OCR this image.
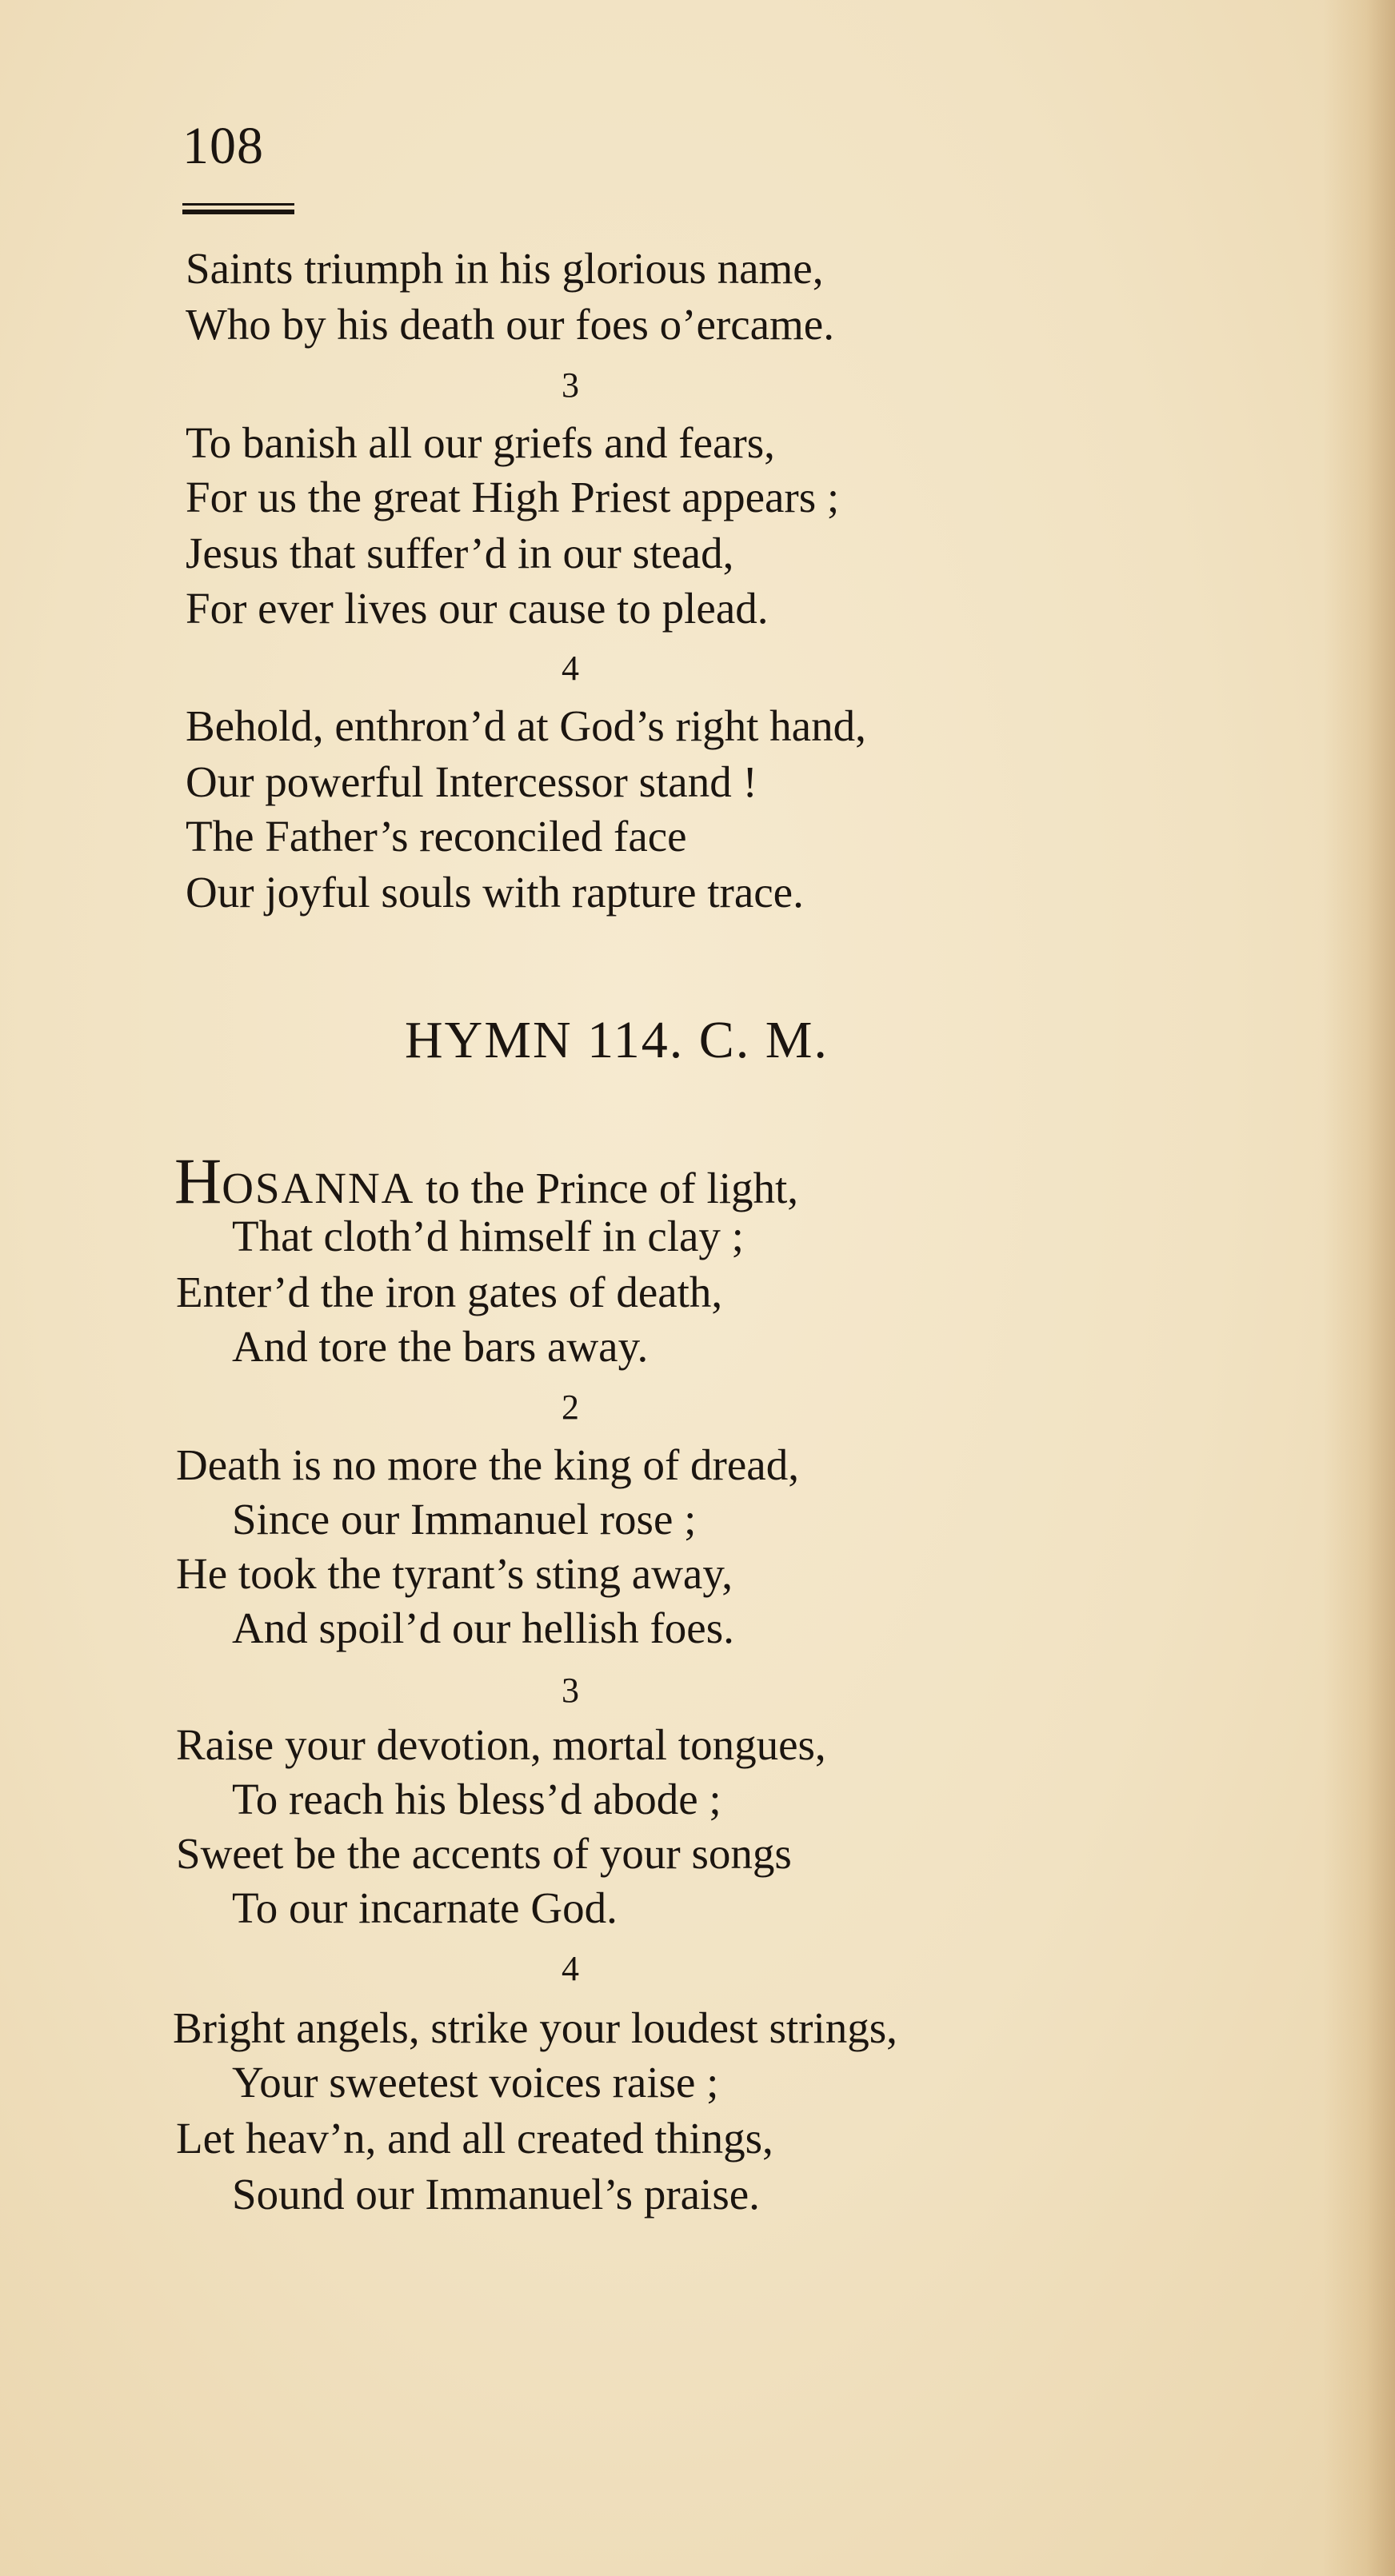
108
Saints triumph in his glorious name,
Who by his death our foes o’ercame.
3
To banish all our griefs and fears,
For us the great High Priest appears ;
Jesus that suffer’d in our stead,
For ever lives our cause to plead.
4
Behold, enthron’d at God’s right hand,
Our powerful Intercessor stand !
The Father’s reconciled face
Our joyful souls with rapture trace.
HYMN 114. C. M.
HOSANNA to the Prince of light,
That cloth’d himself in clay ;
Enter’d the iron gates of death,
And tore the bars away.
2
Death is no more the king of dread,
Since our Immanuel rose ;
He took the tyrant’s sting away,
And spoil’d our hellish foes.
3
Raise your devotion, mortal tongues,
To reach his bless’d abode ;
Sweet be the accents of your songs
To our incarnate God.
4
Bright angels, strike your loudest strings,
Your sweetest voices raise ;
Let heav’n, and all created things,
Sound our Immanuel’s praise.
